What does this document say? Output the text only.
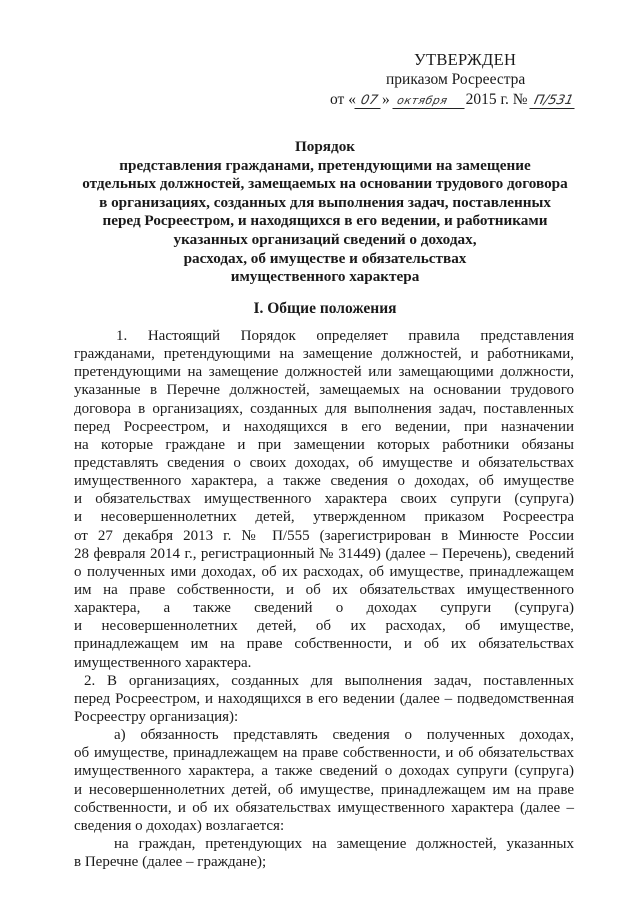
УТВЕРЖДЕН
приказом Росреестра
от « 07 » октября 2015 г. № П/531
Порядок
представления гражданами, претендующими на замещение
отдельных должностей, замещаемых на основании трудового договора
в организациях, созданных для выполнения задач, поставленных
перед Росреестром, и находящихся в его ведении, и работниками
указанных организаций сведений о доходах,
расходах, об имуществе и обязательствах
имущественного характера
I. Общие положения
1. Настоящий Порядок определяет правила представления
гражданами, претендующими на замещение должностей, и работниками,
претендующими на замещение должностей или замещающими должности,
указанные в Перечне должностей, замещаемых на основании трудового
договора в организациях, созданных для выполнения задач, поставленных
перед Росреестром, и находящихся в его ведении, при назначении
на которые граждане и при замещении которых работники обязаны
представлять сведения о своих доходах, об имуществе и обязательствах
имущественного характера, а также сведения о доходах, об имуществе
и обязательствах имущественного характера своих супруги (супруга)
и несовершеннолетних детей, утвержденном приказом Росреестра
от 27 декабря 2013 г. № П/555 (зарегистрирован в Минюсте России
28 февраля 2014 г., регистрационный № 31449) (далее – Перечень), сведений
о полученных ими доходах, об их расходах, об имуществе, принадлежащем
им на праве собственности, и об их обязательствах имущественного
характера, а также сведений о доходах супруги (супруга)
и несовершеннолетних детей, об их расходах, об имуществе,
принадлежащем им на праве собственности, и об их обязательствах
имущественного характера.
2. В организациях, созданных для выполнения задач, поставленных
перед Росреестром, и находящихся в его ведении (далее – подведомственная
Росреестру организация):
а) обязанность представлять сведения о полученных доходах,
об имуществе, принадлежащем на праве собственности, и об обязательствах
имущественного характера, а также сведений о доходах супруги (супруга)
и несовершеннолетних детей, об имуществе, принадлежащем им на праве
собственности, и об их обязательствах имущественного характера (далее –
сведения о доходах) возлагается:
на граждан, претендующих на замещение должностей, указанных
в Перечне (далее – граждане);
